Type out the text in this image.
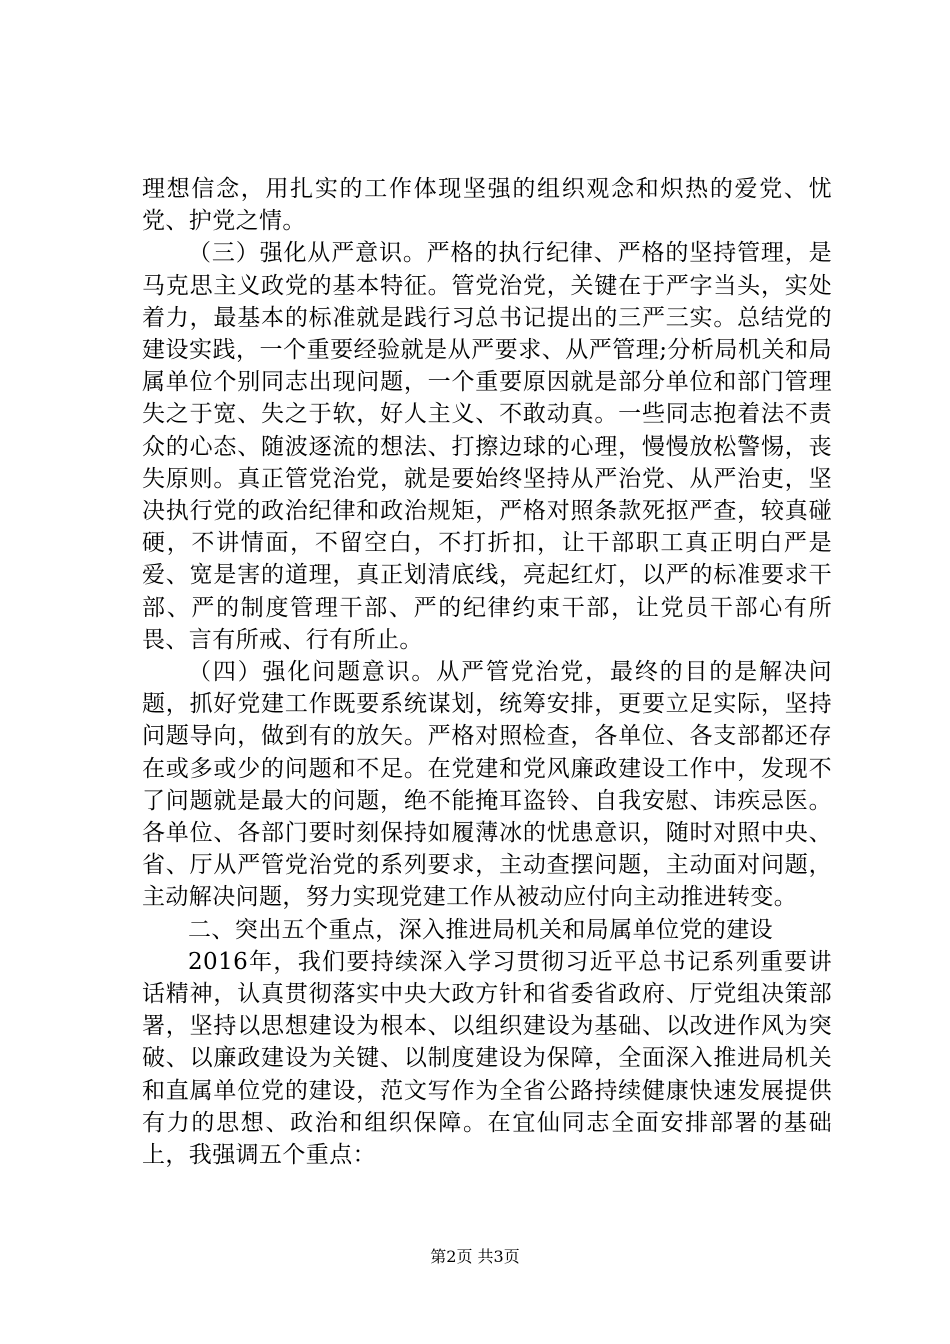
理想信念，用扎实的工作体现坚强的组织观念和炽热的爱党、忧党、护党之情。

（三）强化从严意识。严格的执行纪律、严格的坚持管理，是马克思主义政党的基本特征。管党治党，关键在于严字当头，实处着力，最基本的标准就是践行习总书记提出的三严三实。总结党的建设实践，一个重要经验就是从严要求、从严管理;分析局机关和局属单位个别同志出现问题，一个重要原因就是部分单位和部门管理失之于宽、失之于软，好人主义、不敢动真。一些同志抱着法不责众的心态、随波逐流的想法、打擦边球的心理，慢慢放松警惕，丧失原则。真正管党治党，就是要始终坚持从严治党、从严治吏，坚决执行党的政治纪律和政治规矩，严格对照条款死抠严查，较真碰硬，不讲情面，不留空白，不打折扣，让干部职工真正明白严是爱、宽是害的道理，真正划清底线，亮起红灯，以严的标准要求干部、严的制度管理干部、严的纪律约束干部，让党员干部心有所畏、言有所戒、行有所止。

（四）强化问题意识。从严管党治党，最终的目的是解决问题，抓好党建工作既要系统谋划，统筹安排，更要立足实际，坚持问题导向，做到有的放矢。严格对照检查，各单位、各支部都还存在或多或少的问题和不足。在党建和党风廉政建设工作中，发现不了问题就是最大的问题，绝不能掩耳盗铃、自我安慰、讳疾忌医。各单位、各部门要时刻保持如履薄冰的忧患意识，随时对照中央、省、厅从严管党治党的系列要求，主动查摆问题，主动面对问题，主动解决问题，努力实现党建工作从被动应付向主动推进转变。

二、突出五个重点，深入推进局机关和局属单位党的建设

2016年，我们要持续深入学习贯彻习近平总书记系列重要讲话精神，认真贯彻落实中央大政方针和省委省政府、厅党组决策部署，坚持以思想建设为根本、以组织建设为基础、以改进作风为突破、以廉政建设为关键、以制度建设为保障，全面深入推进局机关和直属单位党的建设，范文写作为全省公路持续健康快速发展提供有力的思想、政治和组织保障。在宜仙同志全面安排部署的基础上，我强调五个重点：

第2页 共3页
